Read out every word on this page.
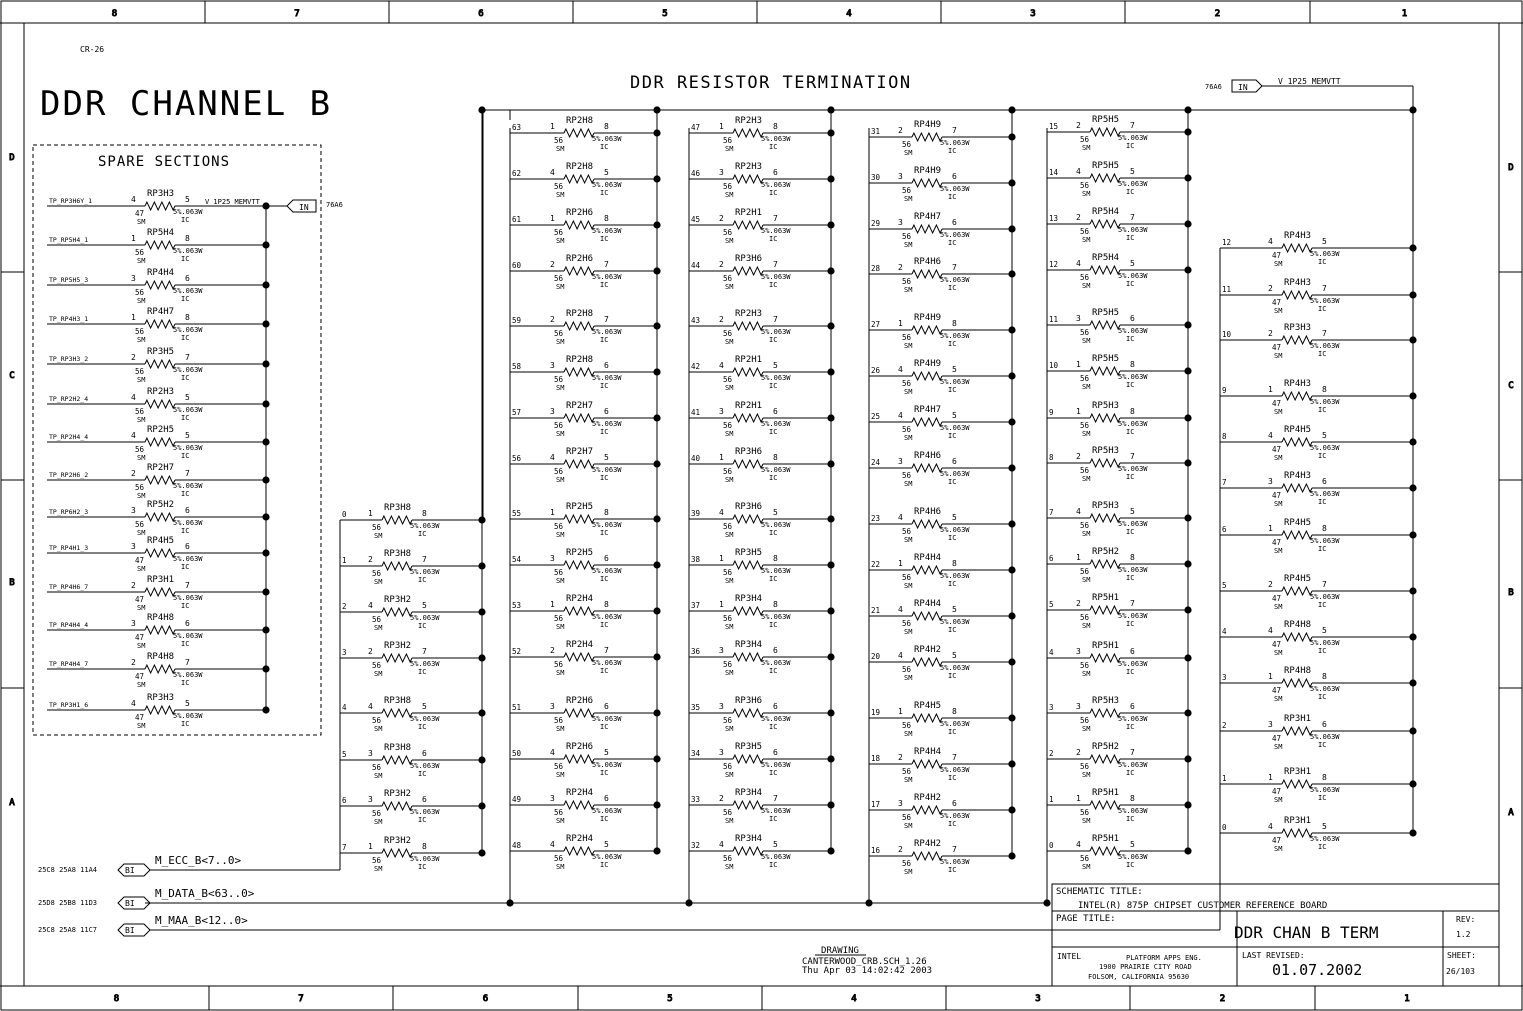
8	7	6	5	4	3	2	1
8	7	6	5	4	3	2	1
D
D
C
C
B
B
A
A
CR-26
DDR CHANNEL B
DDR RESISTOR TERMINATION	76A6 IN
V_1P25_MEMVTT
SPARE SECTIONS
TP_RP3H6Y_1	4
RP3H3
5
47
SM
5%.063W
IC
TP_RP5H4_1	1
RP5H4
8
56
SM
5%.063W
IC
TP_RP5H5_3	3
RP4H4
6
56
SM
5%.063W
IC
TP_RP4H3_1	1
RP4H7
8
56
SM
5%.063W
IC
TP_RP3H3_2	2
RP3H5
7
56
SM
5%.063W
IC
TP_RP2H2_4	4
RP2H3
5
56
SM
5%.063W
IC
TP_RP2H4_4	4
RP2H5
5
56
SM
5%.063W
IC
TP_RP2H6_2	2
RP2H7
7
56
SM
5%.063W
IC
TP_RP6H2_3	3
RP5H2
6
56
SM
5%.063W
IC
TP_RP4H1_3	3
RP4H5
6
47
SM
5%.063W
IC
TP_RP4H6_7	2
RP3H1
7
47
SM
5%.063W
IC
TP_RP4H4_4	3
RP4H8
6
47
SM
5%.063W
IC
TP_RP4H4_7	2
RP4H8
7
47
SM
5%.063W
IC
TP_RP3H1_6	4
RP3H3
5
47
SM
5%.063W
IC
V_1P25_MEMVTT
IN 76A6
0	1
RP3H8
8
56
SM
5%.063W
IC
1	2
RP3H8
7
56
SM
5%.063W
IC
2	4
RP3H2
5
56
SM
5%.063W
IC
3	2
RP3H2
7
56
SM
5%.063W
IC
4	4
RP3H8
5
56
SM
5%.063W
IC
5	3
RP3H8
6
56
SM
5%.063W
IC
6	3
RP3H2
6
56
SM
5%.063W
IC
7	1
RP3H2
8
56
SM
5%.063W
IC
63	1
RP2H8
8
56
SM
5%.063W
IC
62	4
RP2H8
5
56
SM
5%.063W
IC
61	1
RP2H6
8
56
SM
5%.063W
IC
60	2
RP2H6
7
56
SM
5%.063W
IC
59	2
RP2H8
7
56
SM
5%.063W
IC
58	3
RP2H8
6
56
SM
5%.063W
IC
57	3
RP2H7
6
56
SM
5%.063W
IC
56	4
RP2H7
5
56
SM
5%.063W
IC
55	1
RP2H5
8
56
SM
5%.063W
IC
54	3
RP2H5
6
56
SM
5%.063W
IC
53	1
RP2H4
8
56
SM
5%.063W
IC
52	2
RP2H4
7
56
SM
5%.063W
IC
51	3
RP2H6
6
56
SM
5%.063W
IC
50	4
RP2H6
5
56
SM
5%.063W
IC
49	3
RP2H4
6
56
SM
5%.063W
IC
48	4
RP2H4
5
56
SM
5%.063W
IC
47 1
RP2H3
8
56
SM
5%.063W
IC
46 3
RP2H3
6
56
SM
5%.063W
IC
45 2
RP2H1
7
56
SM
5%.063W
IC
44 2
RP3H6
7
56
SM
5%.063W
IC
43 2
RP2H3
7
56
SM
5%.063W
IC
42 4
RP2H1
5
56
SM
5%.063W
IC
41 3
RP2H1
6
56
SM
5%.063W
IC
40 1
RP3H6
8
56
SM
5%.063W
IC
39 4
RP3H6
5
56
SM
5%.063W
IC
38 1
RP3H5
8
56
SM
5%.063W
IC
37 1
RP3H4
8
56
SM
5%.063W
IC
36 3
RP3H4
6
56
SM
5%.063W
IC
35 3
RP3H6
6
56
SM
5%.063W
IC
34 3
RP3H5
6
56
SM
5%.063W
IC
33 2
RP3H4
7
56
SM
5%.063W
IC
32 4
RP3H4
5
56
SM
5%.063W
IC
31 2
RP4H9
7
56
SM
5%.063W
IC
30 3
RP4H9
6
56
SM
5%.063W
IC
29 3
RP4H7
6
56
SM
5%.063W
IC
28 2
RP4H6
7
56
SM
5%.063W
IC
27 1
RP4H9
8
56
SM
5%.063W
IC
26 4
RP4H9
5
56
SM
5%.063W
IC
25 4
RP4H7
5
56
SM
5%.063W
IC
24 3
RP4H6
6
56
SM
5%.063W
IC
23 4
RP4H6
5
56
SM
5%.063W
IC
22 1
RP4H4
8
56
SM
5%.063W
IC
21 4
RP4H4
5
56
SM
5%.063W
IC
20 4
RP4H2
5
56
SM
5%.063W
IC
19 1
RP4H5
8
56
SM
5%.063W
IC
18 2
RP4H4
7
56
SM
5%.063W
IC
17 3
RP4H2
6
56
SM
5%.063W
IC
16 2
RP4H2
7
56
SM
5%.063W
IC
15 2
RP5H5
7
56
SM
5%.063W
IC
14 4
RP5H5
5
56
SM
5%.063W
IC
13 2
RP5H4
7
56
SM
5%.063W
IC
12 4
RP5H4
5
56
SM
5%.063W
IC
11 3
RP5H5
6
56
SM
5%.063W
IC
10 1
RP5H5
8
56
SM
5%.063W
IC
9	1
RP5H3
8
56
SM
5%.063W
IC
8	2
RP5H3
7
56
SM
5%.063W
IC
7	4
RP5H3
5
56
SM
5%.063W
IC
6	1
RP5H2
8
56
SM
5%.063W
IC
5	2
RP5H1
7
56
SM
5%.063W
IC
4	3
RP5H1
6
56
SM
5%.063W
IC
3	3
RP5H3
6
56
SM
5%.063W
IC
2	2
RP5H2
7
56
SM
5%.063W
IC
1	1
RP5H1
8
56
SM
5%.063W
IC
0	4
RP5H1
5
56
SM
5%.063W
IC
12	4
RP4H3
5
47
SM
5%.063W
IC
11	2
RP4H3
7
47
SM
5%.063W
IC
10	2
RP3H3
7
47
SM
5%.063W
IC
9	1
RP4H3
8
47
SM
5%.063W
IC
8	4
RP4H5
5
47
SM
5%.063W
IC
7	3
RP4H3
6
47
SM
5%.063W
IC
6	1
RP4H5
8
47
SM
5%.063W
IC
5	2
RP4H5
7
47
SM
5%.063W
IC
4	4
RP4H8
5
47
SM
5%.063W
IC
3	1
RP4H8
8
47
SM
5%.063W
IC
2	3
RP3H1
6
47
SM
5%.063W
IC
1	1
RP3H1
8
47
SM
5%.063W
IC
0	4
RP3H1
5
47
SM
5%.063W
IC
25C8 25A8 11A4	BI
M_ECC_B<7..0>
25D8 25B8 11D3	BI
M_DATA_B<63..0>
25C8 25A8 11C7	BI
M_MAA_B<12..0>
DRAWING
CANTERWOOD_CRB.SCH_1.26
Thu Apr 03 14:02:42 2003
SCHEMATIC TITLE:
INTEL(R) 875P CHIPSET CUSTOMER REFERENCE BOARD
PAGE TITLE:
DDR CHAN B TERM
REV:
1.2
INTEL	PLATFORM APPS ENG.
1900 PRAIRIE CITY ROAD
FOLSOM, CALIFORNIA 95630
LAST REVISED:
01.07.2002
SHEET:
26/103
